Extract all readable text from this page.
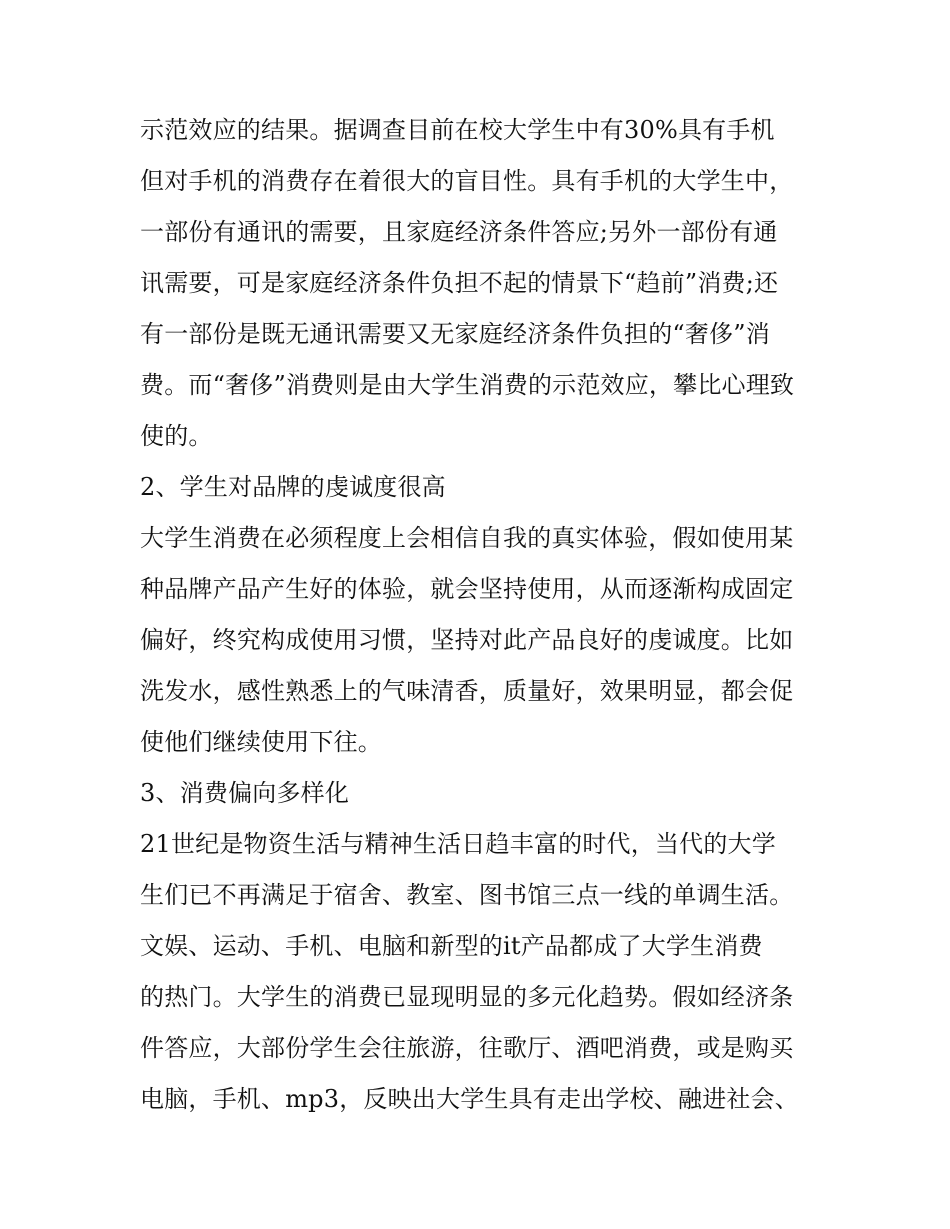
示范效应的结果。据调查目前在校大学生中有30%具有手机
但对手机的消费存在着很大的盲目性。具有手机的大学生中，
一部份有通讯的需要，且家庭经济条件答应;另外一部份有通
讯需要，可是家庭经济条件负担不起的情景下“趋前”消费;还
有一部份是既无通讯需要又无家庭经济条件负担的“奢侈”消
费。而“奢侈”消费则是由大学生消费的示范效应，攀比心理致
使的。
2、学生对品牌的虔诚度很高
大学生消费在必须程度上会相信自我的真实体验，假如使用某
种品牌产品产生好的体验，就会坚持使用，从而逐渐构成固定
偏好，终究构成使用习惯，坚持对此产品良好的虔诚度。比如
洗发水，感性熟悉上的气味清香，质量好，效果明显，都会促
使他们继续使用下往。
3、消费偏向多样化
21世纪是物资生活与精神生活日趋丰富的时代，当代的大学
生们已不再满足于宿舍、教室、图书馆三点一线的单调生活。
文娱、运动、手机、电脑和新型的it产品都成了大学生消费
的热门。大学生的消费已显现明显的多元化趋势。假如经济条
件答应，大部份学生会往旅游，往歌厅、酒吧消费，或是购买
电脑，手机、mp3，反映出大学生具有走出学校、融进社会、
